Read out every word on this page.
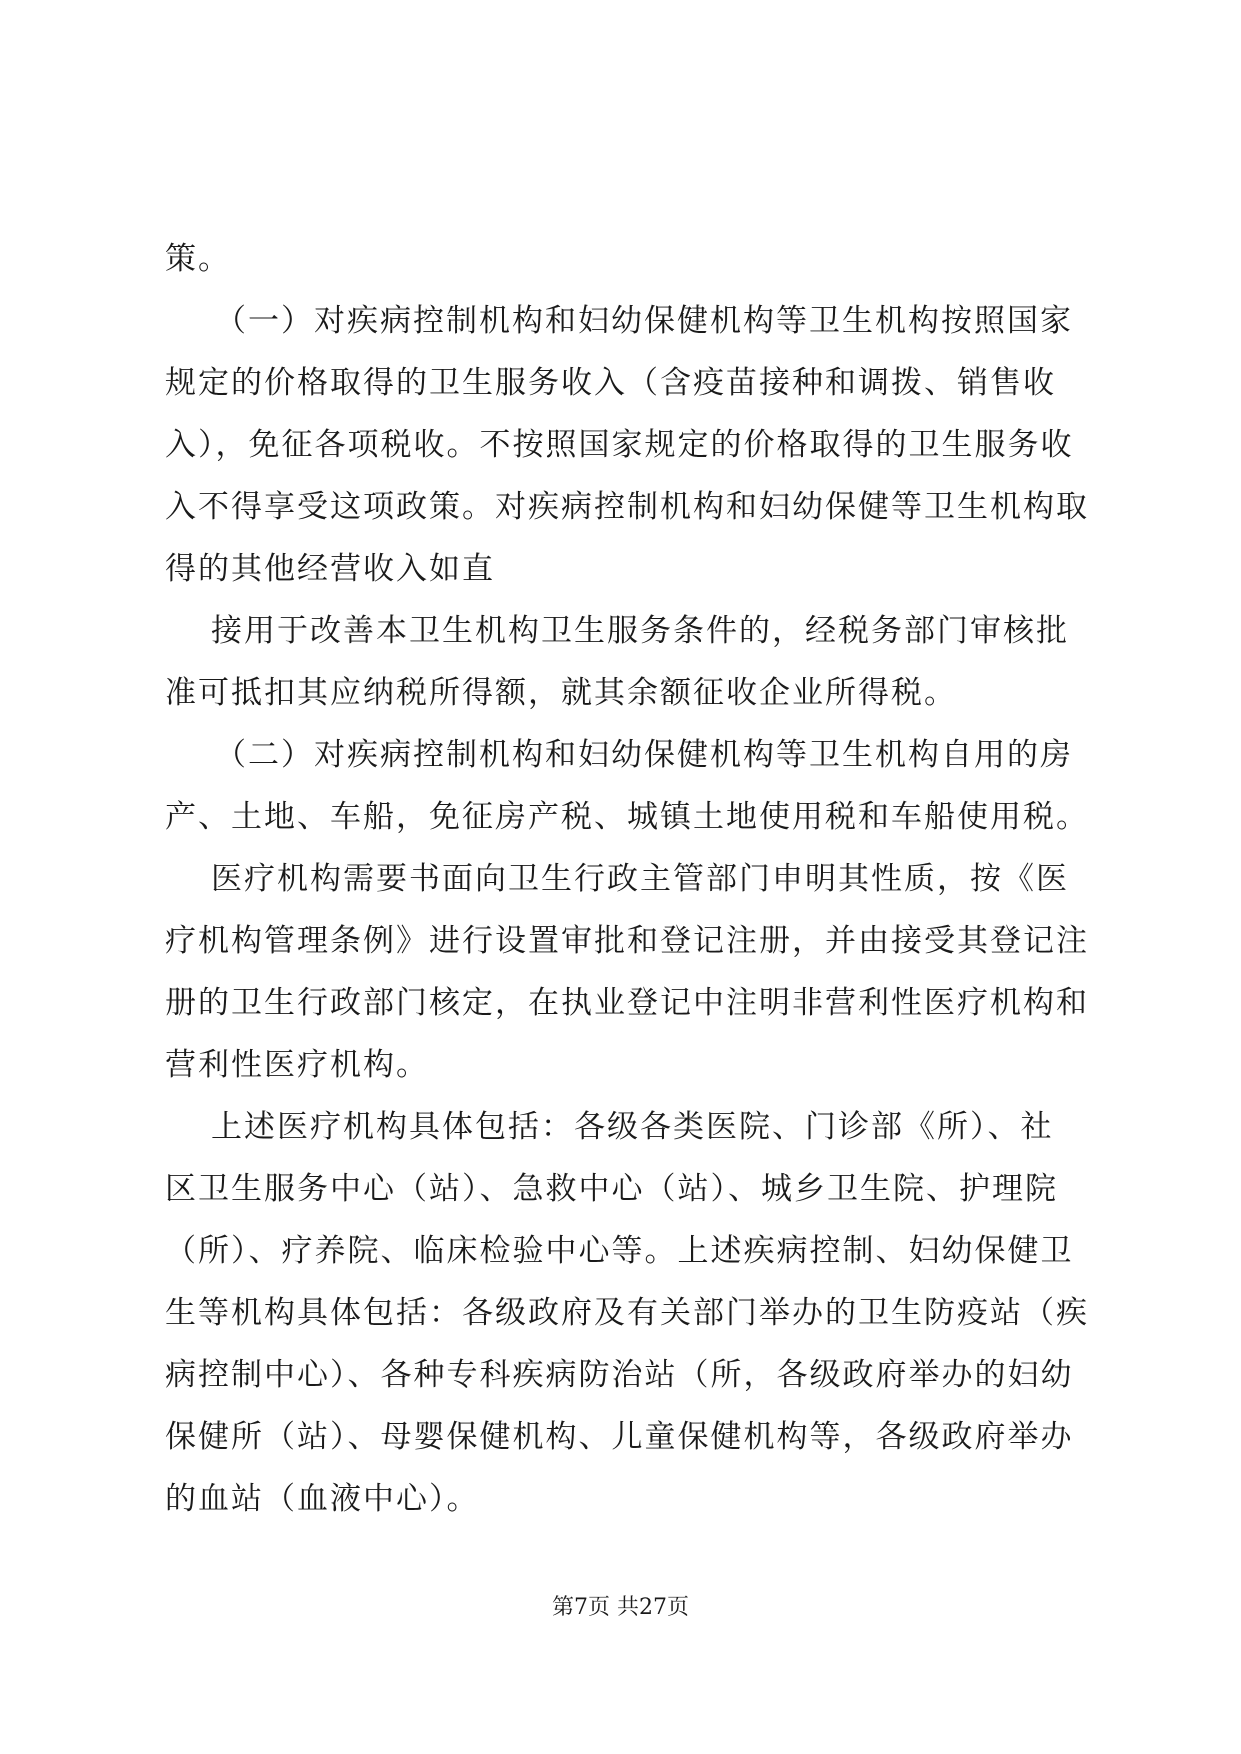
策。

（一）对疾病控制机构和妇幼保健机构等卫生机构按照国家

规定的价格取得的卫生服务收入（含疫苗接种和调拨、销售收

入），免征各项税收。不按照国家规定的价格取得的卫生服务收

入不得享受这项政策。对疾病控制机构和妇幼保健等卫生机构取

得的其他经营收入如直

接用于改善本卫生机构卫生服务条件的，经税务部门审核批

准可抵扣其应纳税所得额，就其余额征收企业所得税。

（二）对疾病控制机构和妇幼保健机构等卫生机构自用的房

产、土地、车船，免征房产税、城镇土地使用税和车船使用税。

医疗机构需要书面向卫生行政主管部门申明其性质，按《医

疗机构管理条例》进行设置审批和登记注册，并由接受其登记注

册的卫生行政部门核定，在执业登记中注明非营利性医疗机构和

营利性医疗机构。

上述医疗机构具体包括：各级各类医院、门诊部《所）、社

区卫生服务中心（站）、急救中心（站）、城乡卫生院、护理院

（所）、疗养院、临床检验中心等。上述疾病控制、妇幼保健卫

生等机构具体包括：各级政府及有关部门举办的卫生防疫站（疾

病控制中心）、各种专科疾病防治站（所，各级政府举办的妇幼

保健所（站）、母婴保健机构、儿童保健机构等，各级政府举办

的血站（血液中心）。

第7页 共27页
